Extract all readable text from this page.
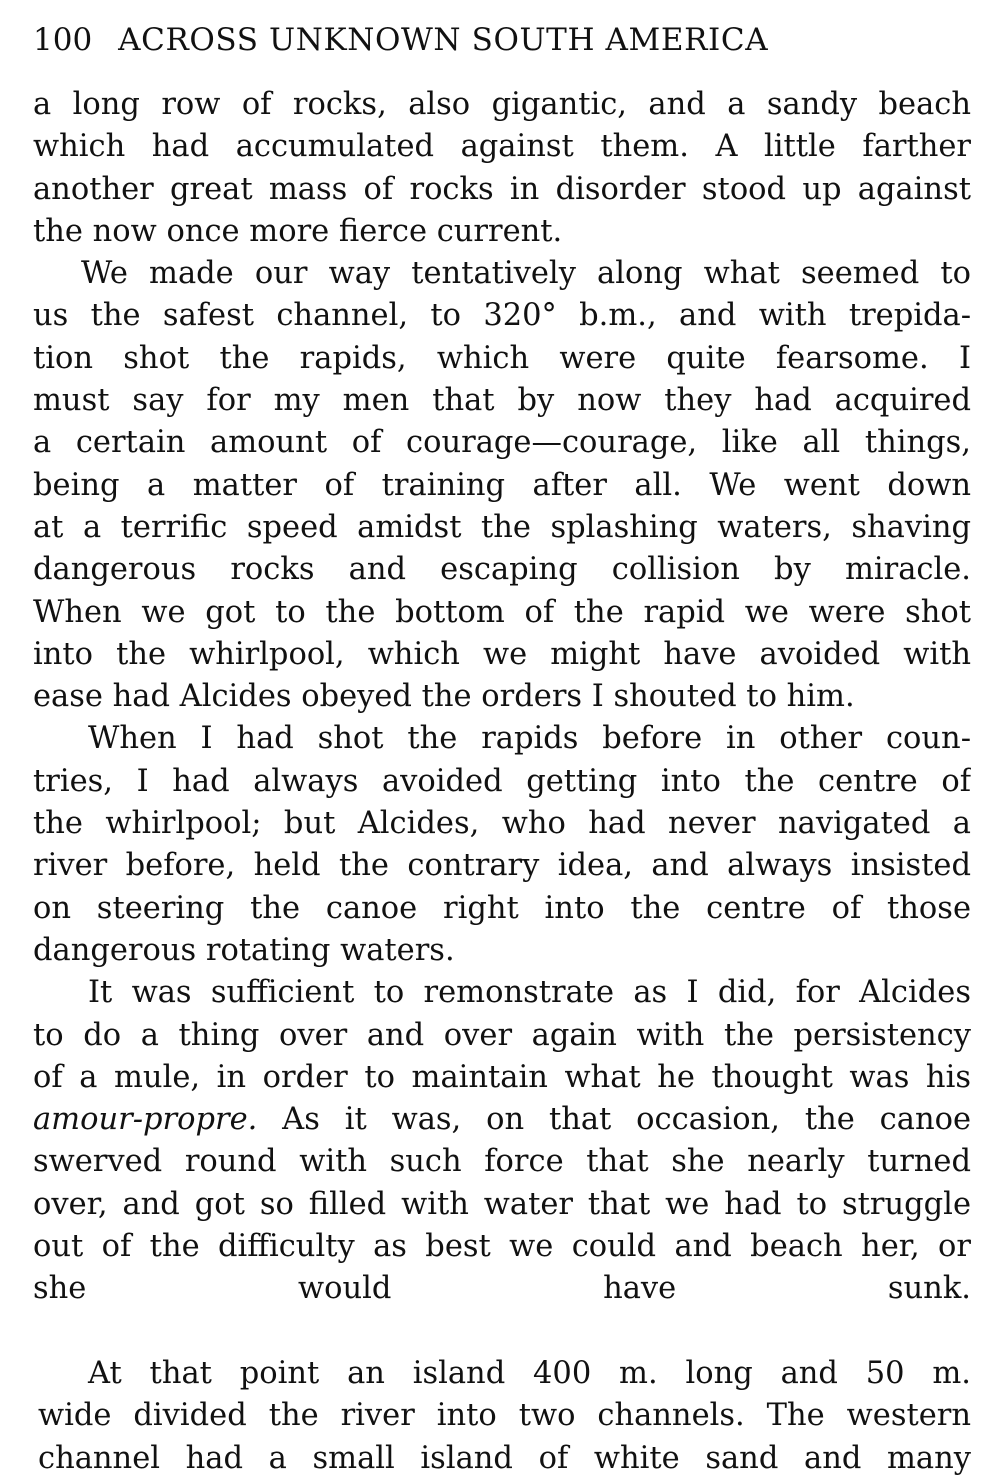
100 ACROSS UNKNOWN SOUTH AMERICA
a long row of rocks, also gigantic, and a sandy beach
which had accumulated against them. A little farther
another great mass of rocks in disorder stood up against
the now once more fierce current.
We made our way tentatively along what seemed to
us the safest channel, to 320° b.m., and with trepida-
tion shot the rapids, which were quite fearsome. I
must say for my men that by now they had acquired
a certain amount of courage—courage, like all things,
being a matter of training after all. We went down
at a terrific speed amidst the splashing waters, shaving
dangerous rocks and escaping collision by miracle.
When we got to the bottom of the rapid we were shot
into the whirlpool, which we might have avoided with
ease had Alcides obeyed the orders I shouted to him.
When I had shot the rapids before in other coun-
tries, I had always avoided getting into the centre of
the whirlpool; but Alcides, who had never navigated a
river before, held the contrary idea, and always insisted
on steering the canoe right into the centre of those
dangerous rotating waters.
It was sufficient to remonstrate as I did, for Alcides
to do a thing over and over again with the persistency
of a mule, in order to maintain what he thought was his
amour-propre. As it was, on that occasion, the canoe
swerved round with such force that she nearly turned
over, and got so filled with water that we had to struggle
out of the difficulty as best we could and beach her, or
she would have sunk.
At that point an island 400 m. long and 50 m.
wide divided the river into two channels. The western
channel had a small island of white sand and many
